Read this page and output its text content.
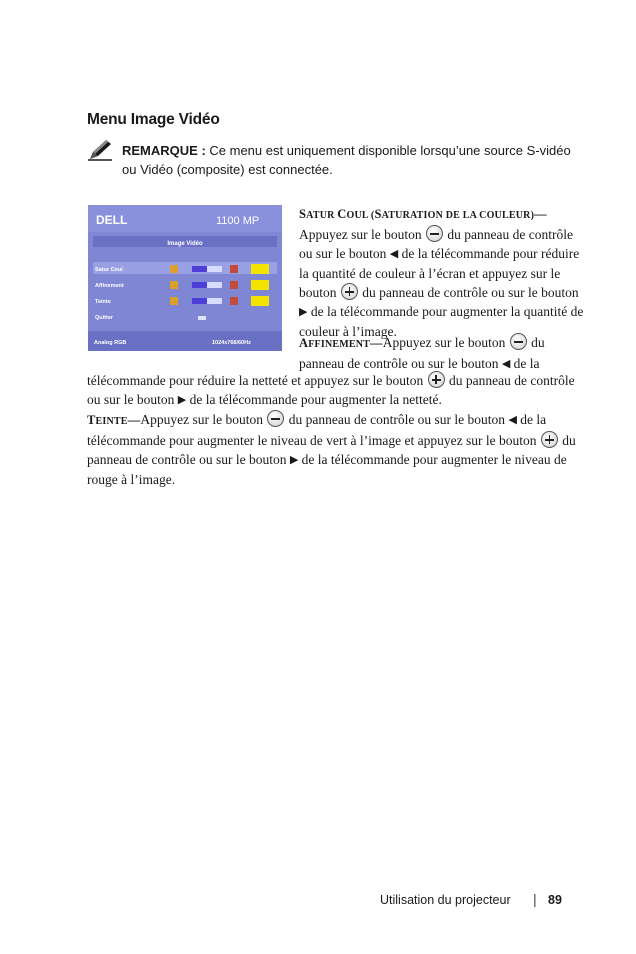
Menu Image Vidéo
REMARQUE : Ce menu est uniquement disponible lorsqu’une source S-vidéo ou Vidéo (composite) est connectée.
DELL	1100 MP
Image Vidéo
Satur Coul
Affinement
Teinte
Quitter
Analog RGB	1024x768/60Hz

SATUR COUL (SATURATION DE LA COULEUR)—Appuyez sur le bouton  du panneau de contrôle ou sur le bouton ◀ de la télécommande pour réduire la quantité de couleur à l’écran et appuyez sur le bouton  du panneau de contrôle ou sur le bouton ▶ de la télécommande pour augmenter la quantité de couleur à l’image.

AFFINEMENT—Appuyez sur le bouton  du panneau de contrôle ou sur le bouton ◀ de la

télécommande pour réduire la netteté et appuyez sur le bouton  du panneau de contrôle ou sur le bouton ▶ de la télécommande pour augmenter la netteté.

TEINTE—Appuyez sur le bouton  du panneau de contrôle ou sur le bouton ◀ de la télécommande pour augmenter le niveau de vert à l’image et appuyez sur le bouton  du panneau de contrôle ou sur le bouton ▶ de la télécommande pour augmenter le niveau de rouge à l’image.

Utilisation du projecteur | 89
